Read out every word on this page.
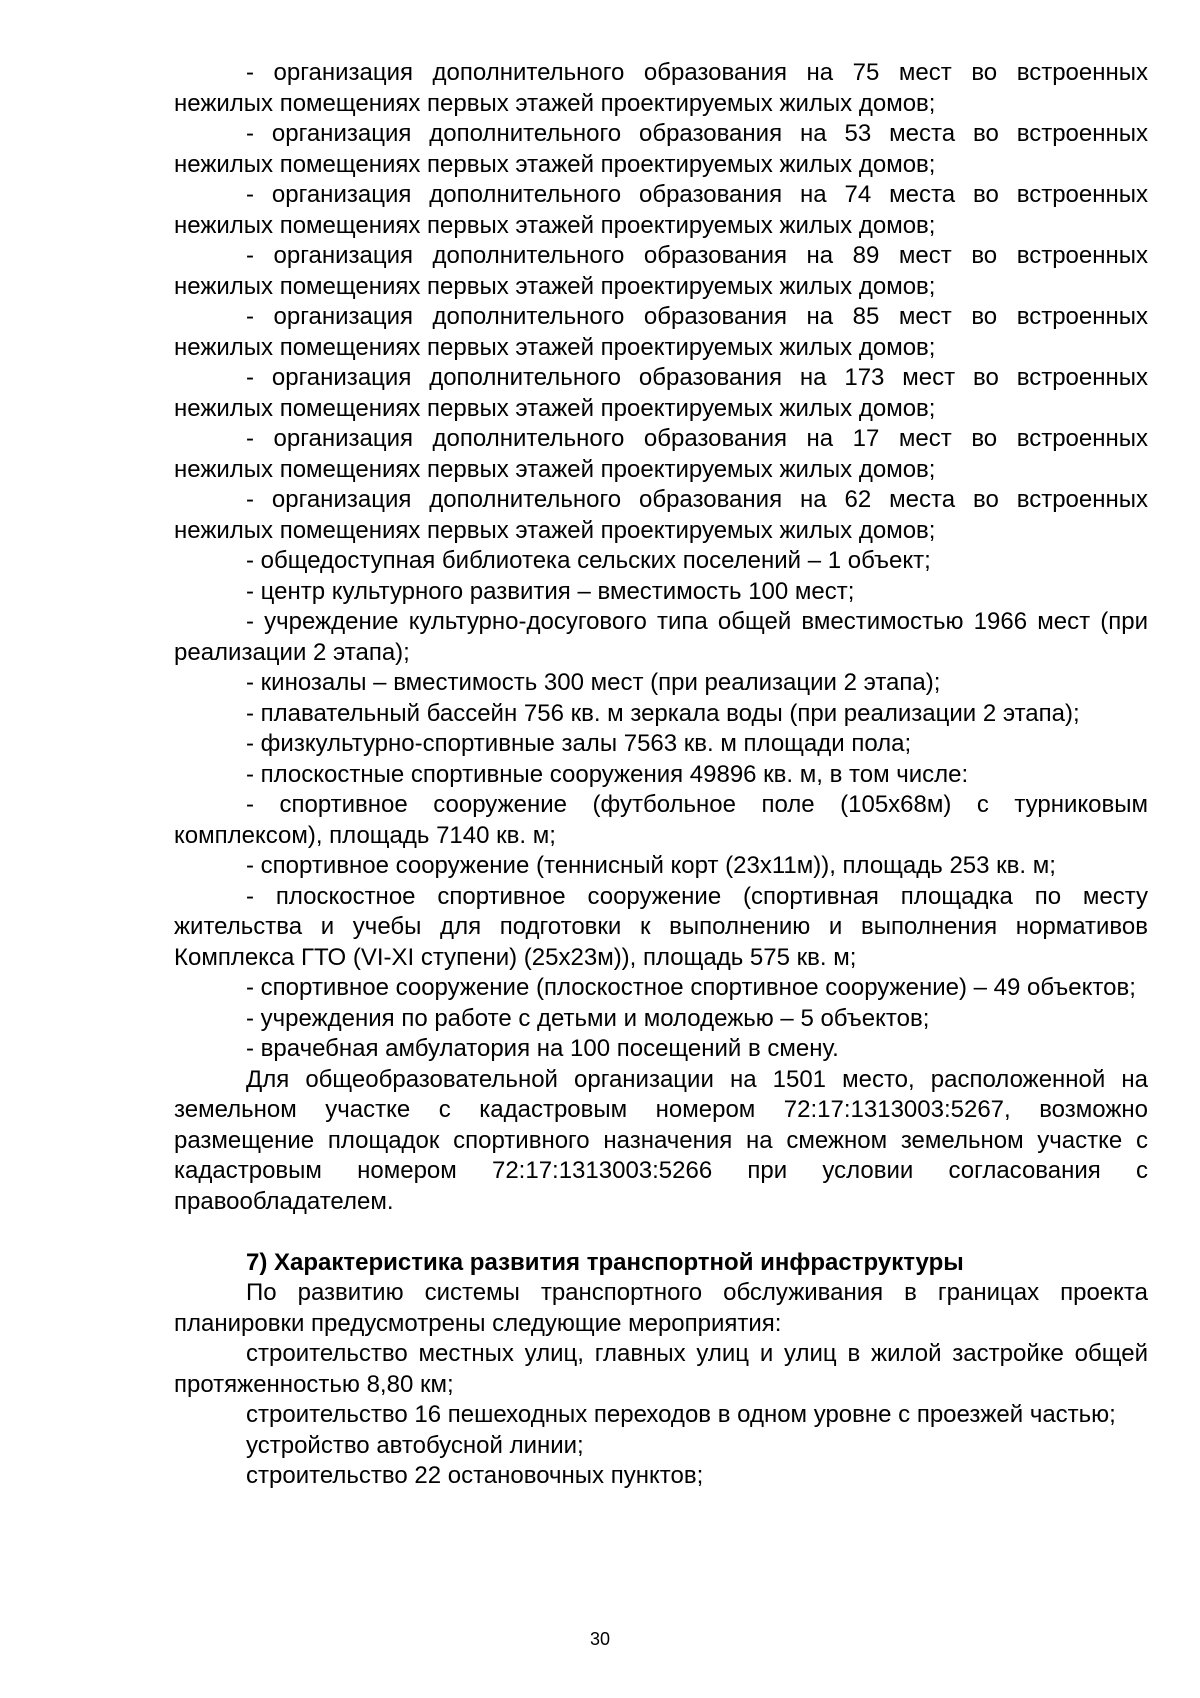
- организация дополнительного образования на 75 мест во встроенных нежилых помещениях первых этажей проектируемых жилых домов;

- организация дополнительного образования на 53 места во встроенных нежилых помещениях первых этажей проектируемых жилых домов;

- организация дополнительного образования на 74 места во встроенных нежилых помещениях первых этажей проектируемых жилых домов;

- организация дополнительного образования на 89 мест во встроенных нежилых помещениях первых этажей проектируемых жилых домов;

- организация дополнительного образования на 85 мест во встроенных нежилых помещениях первых этажей проектируемых жилых домов;

- организация дополнительного образования на 173 мест во встроенных нежилых помещениях первых этажей проектируемых жилых домов;

- организация дополнительного образования на 17 мест во встроенных нежилых помещениях первых этажей проектируемых жилых домов;

- организация дополнительного образования на 62 места во встроенных нежилых помещениях первых этажей проектируемых жилых домов;

- общедоступная библиотека сельских поселений – 1 объект;

- центр культурного развития – вместимость 100 мест;

- учреждение культурно-досугового типа общей вместимостью 1966 мест (при реализации 2 этапа);

- кинозалы – вместимость 300 мест (при реализации 2 этапа);

- плавательный бассейн 756 кв. м зеркала воды (при реализации 2 этапа);

- физкультурно-спортивные залы 7563 кв. м площади пола;

- плоскостные спортивные сооружения 49896 кв. м, в том числе:

- спортивное сооружение (футбольное поле (105х68м) с турниковым комплексом), площадь 7140 кв. м;

- спортивное сооружение (теннисный корт (23х11м)), площадь 253 кв. м;

- плоскостное спортивное сооружение (спортивная площадка по месту жительства и учебы для подготовки к выполнению и выполнения нормативов Комплекса ГТО (VI-XI ступени) (25х23м)), площадь 575 кв. м;

- спортивное сооружение (плоскостное спортивное сооружение) – 49 объектов;

- учреждения по работе с детьми и молодежью – 5 объектов;

- врачебная амбулатория на 100 посещений в смену.

Для общеобразовательной организации на 1501 место, расположенной на земельном участке с кадастровым номером 72:17:1313003:5267, возможно размещение площадок спортивного назначения на смежном земельном участке с кадастровым номером 72:17:1313003:5266 при условии согласования с правообладателем.

7) Характеристика развития транспортной инфраструктуры

По развитию системы транспортного обслуживания в границах проекта планировки предусмотрены следующие мероприятия:

строительство местных улиц, главных улиц и улиц в жилой застройке общей протяженностью 8,80 км;

строительство 16 пешеходных переходов в одном уровне с проезжей частью;

устройство автобусной линии;

строительство 22 остановочных пунктов;

30
